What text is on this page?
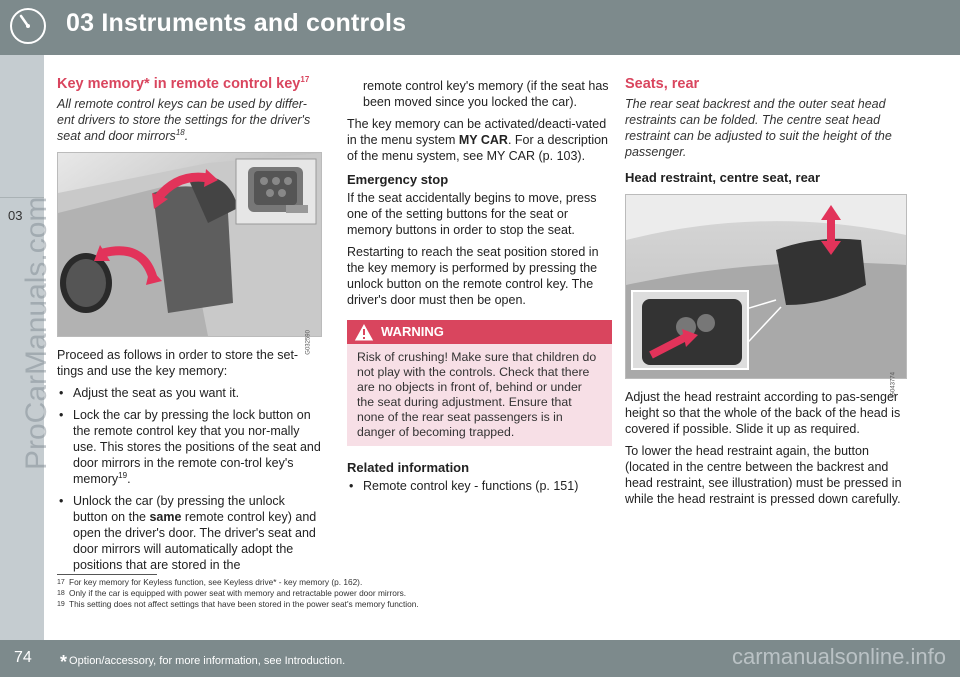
03 Instruments and controls
03
ProCarManuals.com
Key memory* in remote control key$^{17}$

All remote control keys can be used by differ-ent drivers to store the settings for the driver's seat and door mirrors$^{18}$.

G032590

Proceed as follows in order to store the set-tings and use the key memory:

• Adjust the seat as you want it.
• Lock the car by pressing the lock button on the remote control key that you nor-mally use. This stores the positions of the seat and door mirrors in the remote con-trol key's memory$^{19}$.
• Unlock the car (by pressing the unlock button on the same remote control key) and open the driver's door. The driver's seat and door mirrors will automatically adopt the positions that are stored in the
remote control key's memory (if the seat has been moved since you locked the car).

The key memory can be activated/deacti-vated in the menu system MY CAR. For a description of the menu system, see MY CAR (p. 103).

Emergency stop

If the seat accidentally begins to move, press one of the setting buttons for the seat or memory buttons in order to stop the seat.

Restarting to reach the seat position stored in the key memory is performed by pressing the unlock button on the remote control key. The driver's door must then be open.

WARNING
Risk of crushing! Make sure that children do not play with the controls. Check that there are no objects in front of, behind or under the seat during adjustment. Ensure that none of the rear seat passengers is in danger of becoming trapped.
Related information
• Remote control key - functions (p. 151)
Seats, rear

The rear seat backrest and the outer seat head restraints can be folded. The centre seat head restraint can be adjusted to suit the height of the passenger.

Head restraint, centre seat, rear
G043774

Adjust the head restraint according to pas-senger height so that the whole of the back of the head is covered if possible. Slide it up as required.

To lower the head restraint again, the button (located in the centre between the backrest and head restraint, see illustration) must be pressed in while the head restraint is pressed down carefully.

17 For key memory for Keyless function, see Keyless drive* - key memory (p. 162).
18 Only if the car is equipped with power seat with memory and retractable power door mirrors.
19 This setting does not affect settings that have been stored in the power seat's memory function.
74 * Option/accessory, for more information, see Introduction.	carmanualsonline.info
